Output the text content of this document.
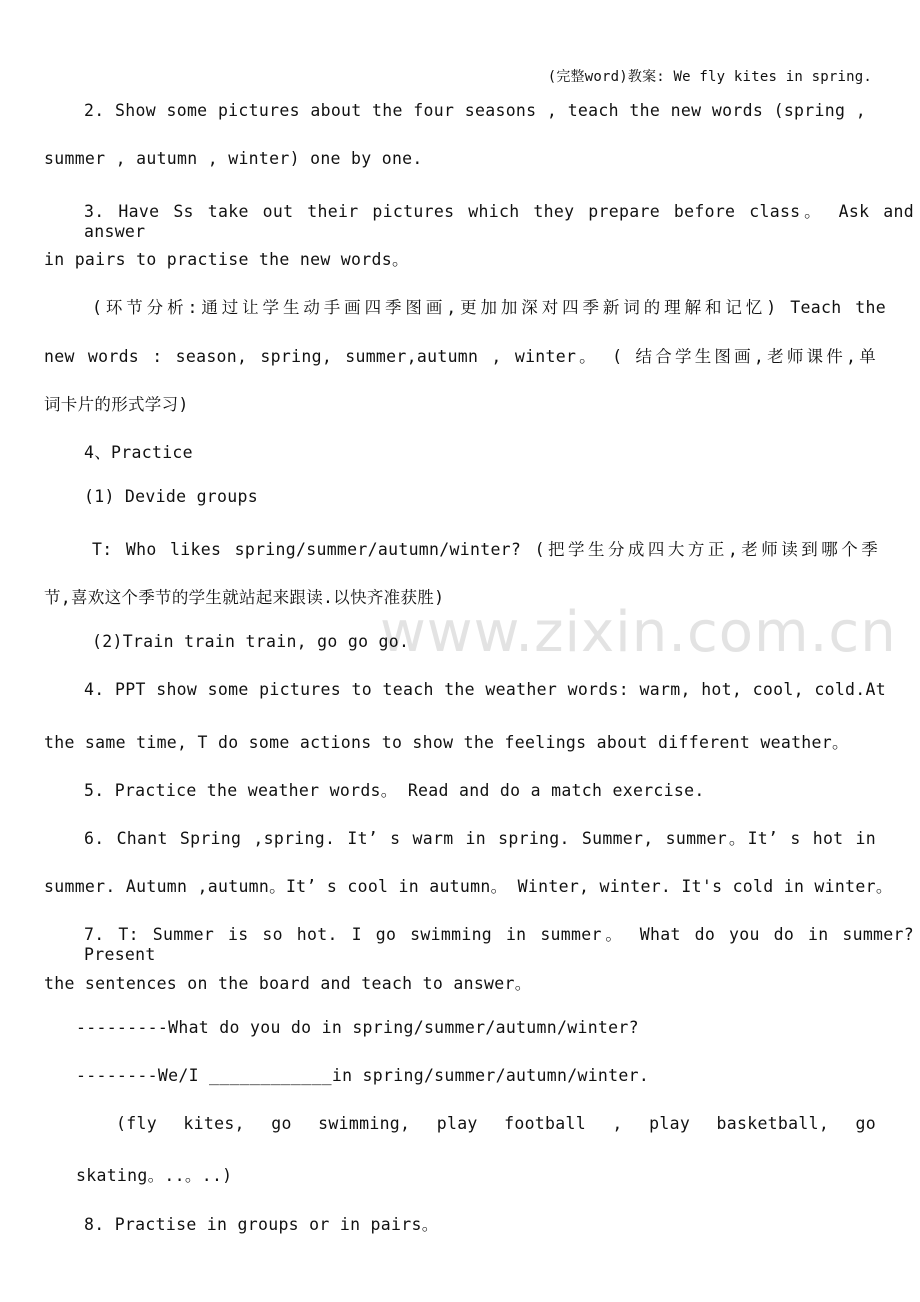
(完整word)教案: We fly kites in spring.
www.zixin.com.cn
2. Show some pictures about the four seasons , teach the new words (spring ,
summer , autumn , winter) one by one.
3. Have Ss take out their pictures which they prepare before class。 Ask and answer
in pairs to practise the new words。
(环节分析:通过让学生动手画四季图画,更加加深对四季新词的理解和记忆) Teach the
new words : season, spring, summer,autumn , winter。 ( 结合学生图画,老师课件,单
词卡片的形式学习)
4、Practice
(1) Devide groups
T: Who likes spring/summer/autumn/winter? (把学生分成四大方正,老师读到哪个季
节,喜欢这个季节的学生就站起来跟读.以快齐准获胜)
(2)Train train train, go go go.
4. PPT show some pictures to teach the weather words: warm, hot, cool, cold.At
the same time, T do some actions to show the feelings about different weather。
5. Practice the weather words。 Read and do a match exercise.
6. Chant Spring ,spring. It’ s warm in spring. Summer, summer。It’ s hot in
summer. Autumn ,autumn。It’ s cool in autumn。 Winter, winter. It's cold in winter。
7. T: Summer is so hot. I go swimming in summer。 What do you do in summer? Present
the sentences on the board and teach to answer。
---------What do you do in spring/summer/autumn/winter?
--------We/I ____________in spring/summer/autumn/winter.
(fly kites, go swimming, play football , play basketball, go
skating。..。..)
8. Practise in groups or in pairs。
